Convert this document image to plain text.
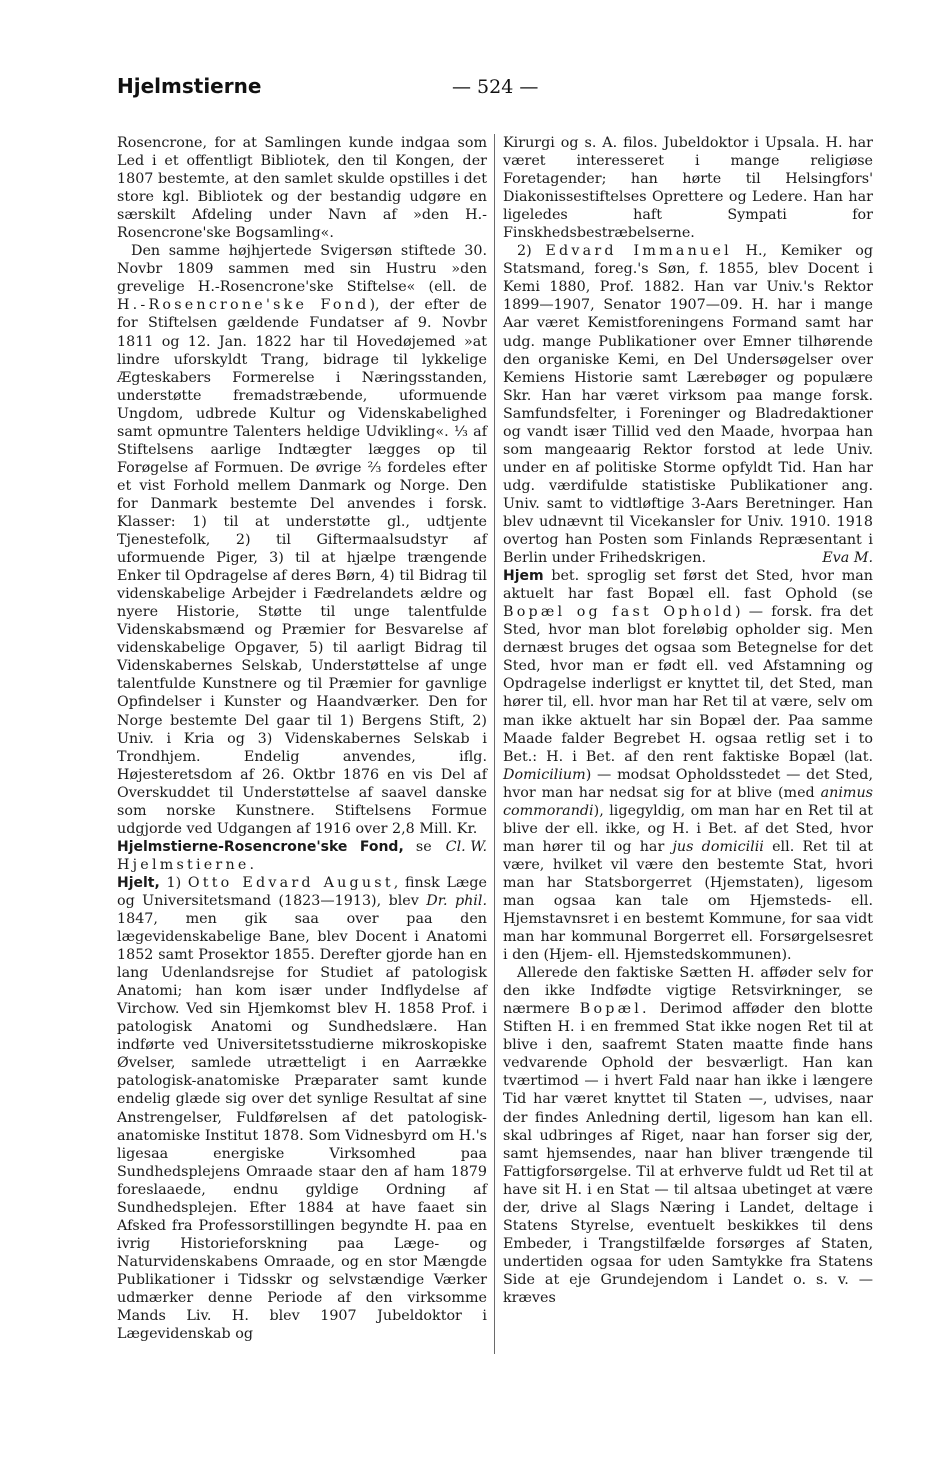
Hjelmstierne	— 524 —

Rosencrone, for at Samlingen kunde indgaa som Led i et offentligt Bibliotek, den til Kongen, der 1807 bestemte, at den samlet skulde opstilles i det store kgl. Bibliotek og der bestandig udgøre en særskilt Afdeling under Navn af »den H.-Rosencrone'ske Bogsamling«.

Den samme højhjertede Svigersøn stiftede 30. Novbr 1809 sammen med sin Hustru »den grevelige H.-Rosencrone'ske Stiftelse« (ell. de H.-Rosencrone'ske Fond), der efter de for Stiftelsen gældende Fundatser af 9. Novbr 1811 og 12. Jan. 1822 har til Hovedøjemed »at lindre uforskyldt Trang, bidrage til lykkelige Ægteskabers Formerelse i Næringsstanden, understøtte fremadstræbende, uformuende Ungdom, udbrede Kultur og Videnskabelighed samt opmuntre Talenters heldige Udvikling«. ⅓ af Stiftelsens aarlige Indtægter lægges op til Forøgelse af Formuen. De øvrige ⅔ fordeles efter et vist Forhold mellem Danmark og Norge. Den for Danmark bestemte Del anvendes i forsk. Klasser: 1) til at understøtte gl., udtjente Tjenestefolk, 2) til Giftermaalsudstyr af uformuende Piger, 3) til at hjælpe trængende Enker til Opdragelse af deres Børn, 4) til Bidrag til videnskabelige Arbejder i Fædrelandets ældre og nyere Historie, Støtte til unge talentfulde Videnskabsmænd og Præmier for Besvarelse af videnskabelige Opgaver, 5) til aarligt Bidrag til Videnskabernes Selskab, Understøttelse af unge talentfulde Kunstnere og til Præmier for gavnlige Opfindelser i Kunster og Haandværker. Den for Norge bestemte Del gaar til 1) Bergens Stift, 2) Univ. i Kria og 3) Videnskabernes Selskab i Trondhjem. Endelig anvendes, iflg. Højesteretsdom af 26. Oktbr 1876 en vis Del af Overskuddet til Understøttelse af saavel danske som norske Kunstnere. Stiftelsens Formue udgjorde ved Udgangen af 1916 over 2,8 Mill. Kr.
Cl. W.

Hjelmstierne-Rosencrone'ske Fond, se Hjelmstierne.

Hjelt, 1) Otto Edvard August, finsk Læge og Universitetsmand (1823—1913), blev Dr. phil. 1847, men gik saa over paa den lægevidenskabelige Bane, blev Docent i Anatomi 1852 samt Prosektor 1855. Derefter gjorde han en lang Udenlandsrejse for Studiet af patologisk Anatomi; han kom især under Indflydelse af Virchow. Ved sin Hjemkomst blev H. 1858 Prof. i patologisk Anatomi og Sundhedslære. Han indførte ved Universitetsstudierne mikroskopiske Øvelser, samlede utrætteligt i en Aarrække patologisk-anatomiske Præparater samt kunde endelig glæde sig over det synlige Resultat af sine Anstrengelser, Fuldførelsen af det patologisk-anatomiske Institut 1878. Som Vidnesbyrd om H.'s ligesaa energiske Virksomhed paa Sundhedsplejens Omraade staar den af ham 1879 foreslaaede, endnu gyldige Ordning af Sundhedsplejen. Efter 1884 at have faaet sin Afsked fra Professorstillingen begyndte H. paa en ivrig Historieforskning paa Læge- og Naturvidenskabens Omraade, og en stor Mængde Publikationer i Tidsskr og selvstændige Værker udmærker denne Periode af den virksomme Mands Liv. H. blev 1907 Jubeldoktor i Lægevidenskab og

Kirurgi og s. A. filos. Jubeldoktor i Upsala. H. har været interesseret i mange religiøse Foretagender; han hørte til Helsingfors' Diakonissestiftelses Oprettere og Ledere. Han har ligeledes haft Sympati for Finskhedsbestræbelserne.

2) Edvard Immanuel H., Kemiker og Statsmand, foreg.'s Søn, f. 1855, blev Docent i Kemi 1880, Prof. 1882. Han var Univ.'s Rektor 1899—1907, Senator 1907—09. H. har i mange Aar været Kemistforeningens Formand samt har udg. mange Publikationer over Emner tilhørende den organiske Kemi, en Del Undersøgelser over Kemiens Historie samt Lærebøger og populære Skr. Han har været virksom paa mange forsk. Samfundsfelter, i Foreninger og Bladredaktioner og vandt især Tillid ved den Maade, hvorpaa han som mangeaarig Rektor forstod at lede Univ. under en af politiske Storme opfyldt Tid. Han har udg. værdifulde statistiske Publikationer ang. Univ. samt to vidtløftige 3-Aars Beretninger. Han blev udnævnt til Vicekansler for Univ. 1910. 1918 overtog han Posten som Finlands Repræsentant i Berlin under Frihedskrigen.	Eva M.

Hjem bet. sproglig set først det Sted, hvor man aktuelt har fast Bopæl ell. fast Ophold (se Bopæl og fast Ophold) — forsk. fra det Sted, hvor man blot foreløbig opholder sig. Men dernæst bruges det ogsaa som Betegnelse for det Sted, hvor man er født ell. ved Afstamning og Opdragelse inderligst er knyttet til, det Sted, man hører til, ell. hvor man har Ret til at være, selv om man ikke aktuelt har sin Bopæl der. Paa samme Maade falder Begrebet H. ogsaa retlig set i to Bet.: H. i Bet. af den rent faktiske Bopæl (lat. Domicilium) — modsat Opholdsstedet — det Sted, hvor man har nedsat sig for at blive (med animus commorandi), ligegyldig, om man har en Ret til at blive der ell. ikke, og H. i Bet. af det Sted, hvor man hører til og har jus domicilii ell. Ret til at være, hvilket vil være den bestemte Stat, hvori man har Statsborgerret (Hjemstaten), ligesom man ogsaa kan tale om Hjemsteds- ell. Hjemstavnsret i en bestemt Kommune, for saa vidt man har kommunal Borgerret ell. Forsørgelsesret i den (Hjem- ell. Hjemstedskommunen).

Allerede den faktiske Sætten H. afføder selv for den ikke Indfødte vigtige Retsvirkninger, se nærmere Bopæl. Derimod afføder den blotte Stiften H. i en fremmed Stat ikke nogen Ret til at blive i den, saafremt Staten maatte finde hans vedvarende Ophold der besværligt. Han kan tværtimod — i hvert Fald naar han ikke i længere Tid har været knyttet til Staten —, udvises, naar der findes Anledning dertil, ligesom han kan ell. skal udbringes af Riget, naar han forser sig der, samt hjemsendes, naar han bliver trængende til Fattigforsørgelse. Til at erhverve fuldt ud Ret til at have sit H. i en Stat — til altsaa ubetinget at være der, drive al Slags Næring i Landet, deltage i Statens Styrelse, eventuelt beskikkes til dens Embeder, i Trangstilfælde forsørges af Staten, undertiden ogsaa for uden Samtykke fra Statens Side at eje Grundejendom i Landet o. s. v. — kræves
